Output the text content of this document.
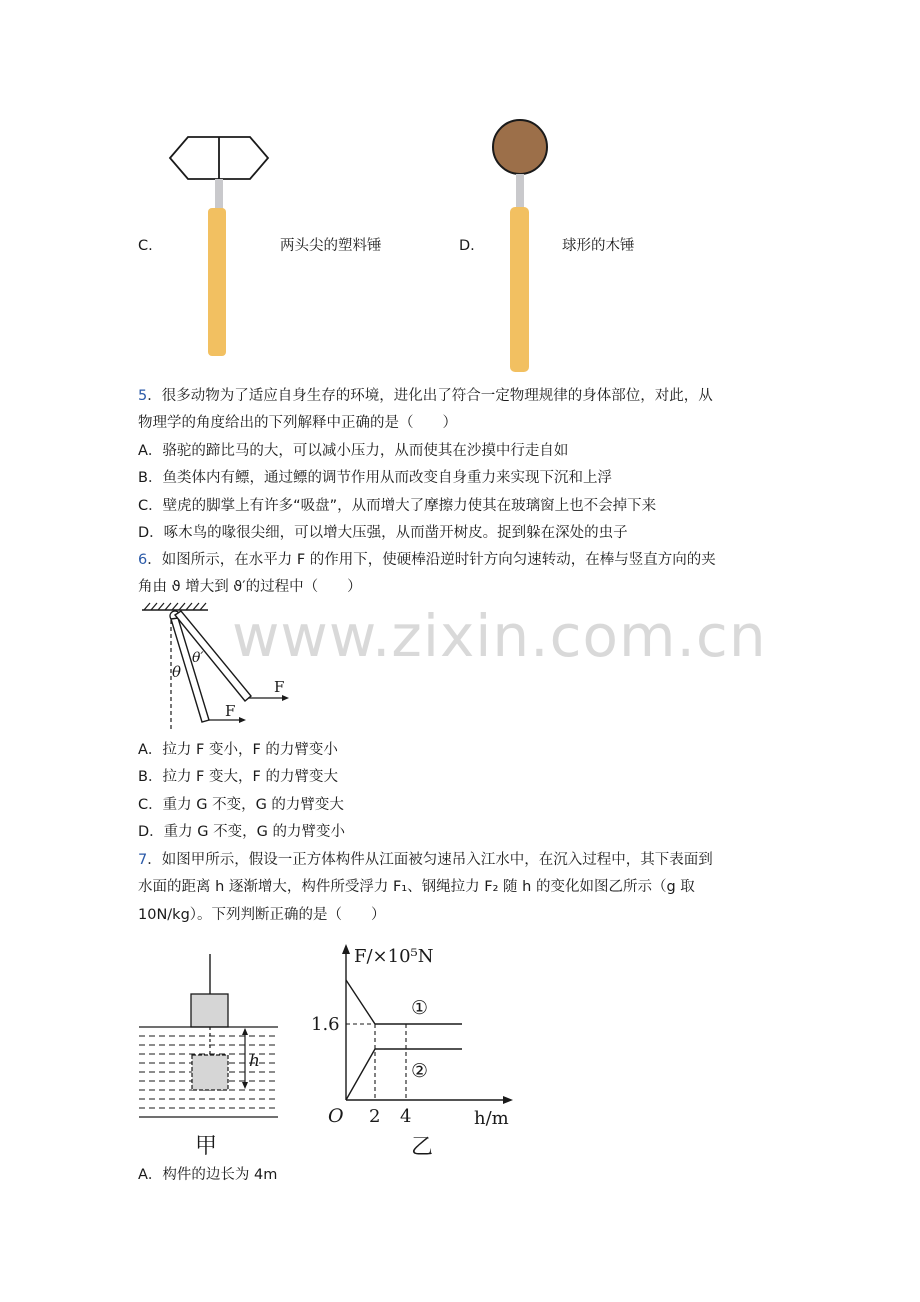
C.	两头尖的塑料锤	D.	球形的木锤
5．很多动物为了适应自身生存的环境，进化出了符合一定物理规律的身体部位，对此，从
物理学的角度给出的下列解释中正确的是（　　）
A．骆驼的蹄比马的大，可以减小压力，从而使其在沙摸中行走自如
B．鱼类体内有鳔，通过鳔的调节作用从而改变自身重力来实现下沉和上浮
C．壁虎的脚掌上有许多“吸盘”，从而增大了摩擦力使其在玻璃窗上也不会掉下来
D．啄木鸟的喙很尖细，可以增大压强，从而凿开树皮。捉到躲在深处的虫子
6．如图所示，在水平力 F 的作用下，使硬棒沿逆时针方向匀速转动，在棒与竖直方向的夹
角由 ϑ 增大到 ϑ′的过程中（　　）
F
F
θ
θ′
A．拉力 F 变小，F 的力臂变小
B．拉力 F 变大，F 的力臂变大
C．重力 G 不变，G 的力臂变大
D．重力 G 不变，G 的力臂变小
7．如图甲所示，假设一正方体构件从江面被匀速吊入江水中，在沉入过程中，其下表面到
水面的距离 h 逐渐增大，构件所受浮力 F₁、钢绳拉力 F₂ 随 h 的变化如图乙所示（g 取
10N/kg）。下列判断正确的是（　　）
h
甲
F/×10⁵N
h/m
O
1.6
2 4
①
②
乙
A．构件的边长为 4m
www.zixin.com.cn
